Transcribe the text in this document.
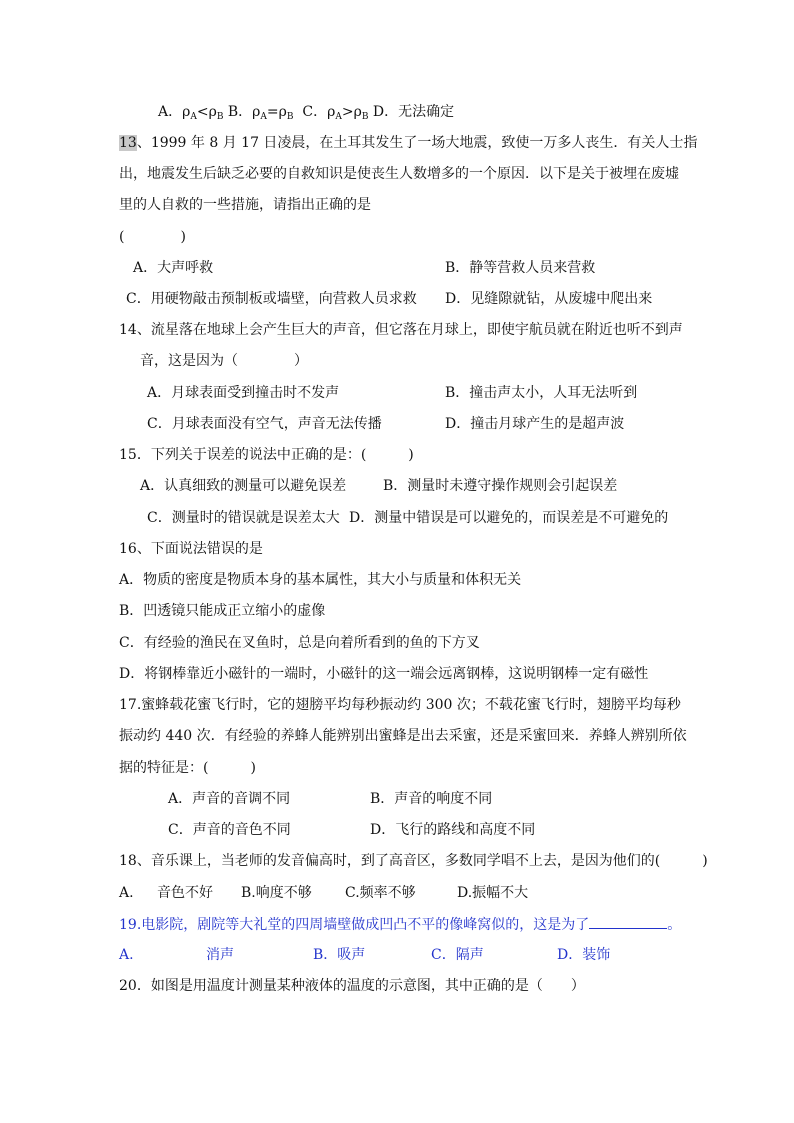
A．$\rho_A<\rho_B$ B．$\rho_A=\rho_B$ C．$\rho_A>\rho_B$ D．无法确定
13、1999 年 8 月 17 日凌晨，在土耳其发生了一场大地震，致使一万多人丧生．有关人士指
出，地震发生后缺乏必要的自救知识是使丧生人数增多的一个原因．以下是关于被埋在废墟
里的人自救的一些措施，请指出正确的是
(　　　　)
A．大声呼救	B．静等营救人员来营救
C．用硬物敲击预制板或墙壁，向营救人员求救 D．见缝隙就钻，从废墟中爬出来
14、流星落在地球上会产生巨大的声音，但它落在月球上，即使宇航员就在附近也听不到声
音，这是因为（　　　　）
A．月球表面受到撞击时不发声	B．撞击声太小，人耳无法听到
C．月球表面没有空气，声音无法传播	D．撞击月球产生的是超声波
15．下列关于误差的说法中正确的是：(　　　)
A．认真细致的测量可以避免误差	B．测量时未遵守操作规则会引起误差
C．测量时的错误就是误差太大 D．测量中错误是可以避免的，而误差是不可避免的
16、下面说法错误的是
A．物质的密度是物质本身的基本属性，其大小与质量和体积无关
B．凹透镜只能成正立缩小的虚像
C．有经验的渔民在叉鱼时，总是向着所看到的鱼的下方叉
D．将钢棒靠近小磁针的一端时，小磁针的这一端会远离钢棒，这说明钢棒一定有磁性
17.蜜蜂载花蜜飞行时，它的翅膀平均每秒振动约 300 次；不载花蜜飞行时，翅膀平均每秒
振动约 440 次．有经验的养蜂人能辨别出蜜蜂是出去采蜜，还是采蜜回来．养蜂人辨别所依
据的特征是：(　　　)
A．声音的音调不同	B．声音的响度不同
C．声音的音色不同	D．飞行的路线和高度不同
18、音乐课上，当老师的发音偏高时，到了高音区，多数同学唱不上去，是因为他们的(　　　)
A. 音色不好 B.响度不够 C.频率不够	D.振幅不大
19.电影院，剧院等大礼堂的四周墙壁做成凹凸不平的像峰窝似的，这是为了	。
A.	消声	B．吸声	C．隔声	D．装饰
20．如图是用温度计测量某种液体的温度的示意图，其中正确的是（　　）
